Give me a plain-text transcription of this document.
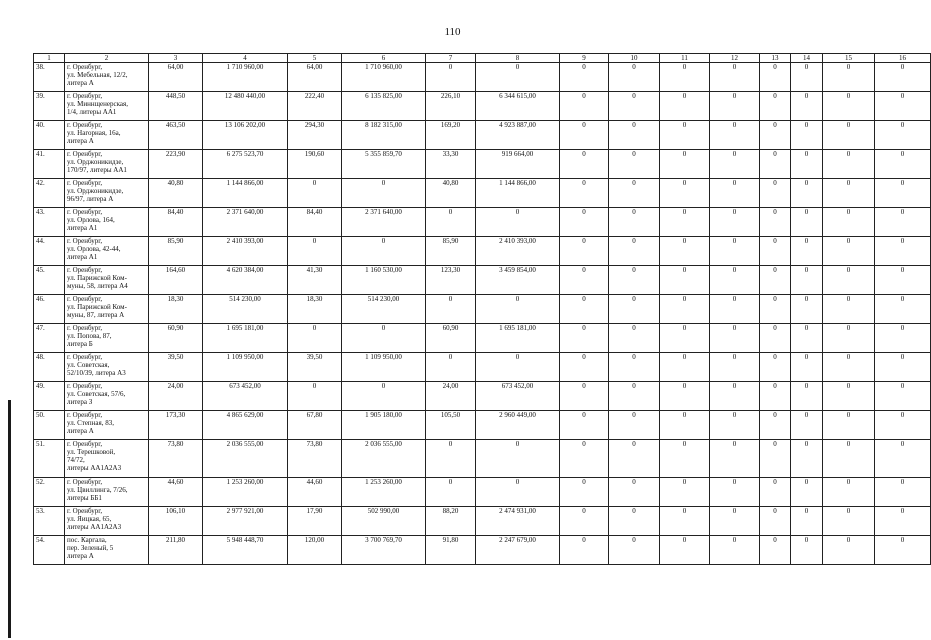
110
1	2	3	4	5	6	7	8	9	10	11	12	13	14	15	16
38.	г. Оренбург,
ул. Мебельная, 12/2,
литера А	64,00	1 710 960,00	64,00	1 710 960,00	0	0	0	0	0	0	0	0	0	0
39.	г. Оренбург,
ул. Миннщенерская,
1/4, литеры АА1	448,50	12 480 440,00	222,40	6 135 825,00	226,10	6 344 615,00	0	0	0	0	0	0	0	0
40.	г. Оренбург,
ул. Нагорная, 16а,
литера А	463,50	13 106 202,00	294,30	8 182 315,00	169,20	4 923 887,00	0	0	0	0	0	0	0	0
41.	г. Оренбург,
ул. Орджоникидзе,
170/97, литеры АА1	223,90	6 275 523,70	190,60	5 355 859,70	33,30	919 664,00	0	0	0	0	0	0	0	0
42.	г. Оренбург,
ул. Орджоникидзе,
96/97, литера А	40,80	1 144 866,00	0	0	40,80	1 144 866,00	0	0	0	0	0	0	0	0
43.	г. Оренбург,
ул. Орлова, 164,
литера А1	84,40	2 371 640,00	84,40	2 371 640,00	0	0	0	0	0	0	0	0	0	0
44.	г. Оренбург,
ул. Орлова, 42-44,
литера А1	85,90	2 410 393,00	0	0	85,90	2 410 393,00	0	0	0	0	0	0	0	0
45.	г. Оренбург,
ул. Парижской Ком-
муны, 58, литера А4	164,60	4 620 384,00	41,30	1 160 530,00	123,30	3 459 854,00	0	0	0	0	0	0	0	0
46.	г. Оренбург,
ул. Парижской Ком-
муны, 87, литера А	18,30	514 230,00	18,30	514 230,00	0	0	0	0	0	0	0	0	0	0
47.	г. Оренбург,
ул. Попова, 87,
литера Б	60,90	1 695 181,00	0	0	60,90	1 695 181,00	0	0	0	0	0	0	0	0
48.	г. Оренбург,
ул. Советская,
52/10/39, литера А3	39,50	1 109 950,00	39,50	1 109 950,00	0	0	0	0	0	0	0	0	0	0
49.	г. Оренбург,
ул. Советская, 57/6,
литера З	24,00	673 452,00	0	0	24,00	673 452,00	0	0	0	0	0	0	0	0
50.	г. Оренбург,
ул. Степная, 83,
литера А	173,30	4 865 629,00	67,80	1 905 180,00	105,50	2 960 449,00	0	0	0	0	0	0	0	0
51.	г. Оренбург,
ул. Терешковой,
74/72,
литеры АА1А2А3	73,80	2 036 555,00	73,80	2 036 555,00	0	0	0	0	0	0	0	0	0	0
52.	г. Оренбург,
ул. Цвиллинга, 7/26,
литеры ББ1	44,60	1 253 260,00	44,60	1 253 260,00	0	0	0	0	0	0	0	0	0	0
53.	г. Оренбург,
ул. Яицкая, 65,
литеры АА1А2А3	106,10	2 977 921,00	17,90	502 990,00	88,20	2 474 931,00	0	0	0	0	0	0	0	0
54.	пос. Каргала,
пер. Зеленый, 5
литера А	211,80	5 948 448,70	120,00	3 700 769,70	91,80	2 247 679,00	0	0	0	0	0	0	0	0
